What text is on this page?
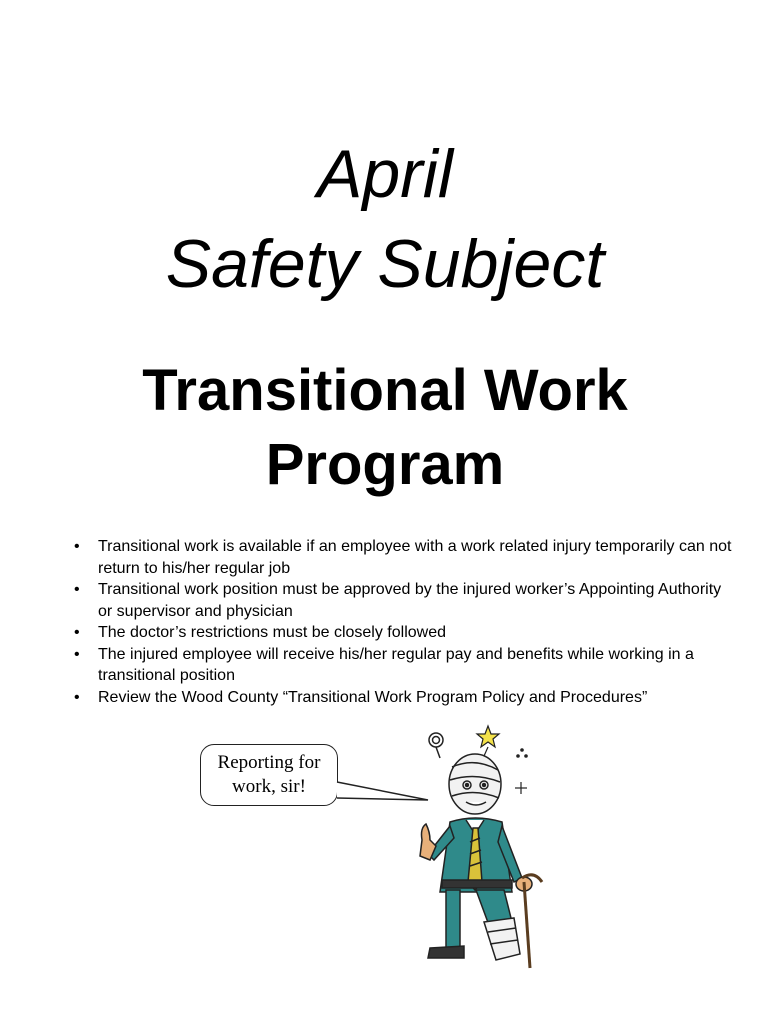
April
Safety Subject
Transitional Work
Program
• Transitional work is available if an employee with a work related injury temporarily can not return to his/her regular job
• Transitional work position must be approved by the injured worker’s Appointing Authority or supervisor and physician
• The doctor’s restrictions must be closely followed
• The injured employee will receive his/her regular pay and benefits while working in a transitional position
• Review the Wood County “Transitional Work Program Policy and Procedures”
Reporting for
work, sir!
